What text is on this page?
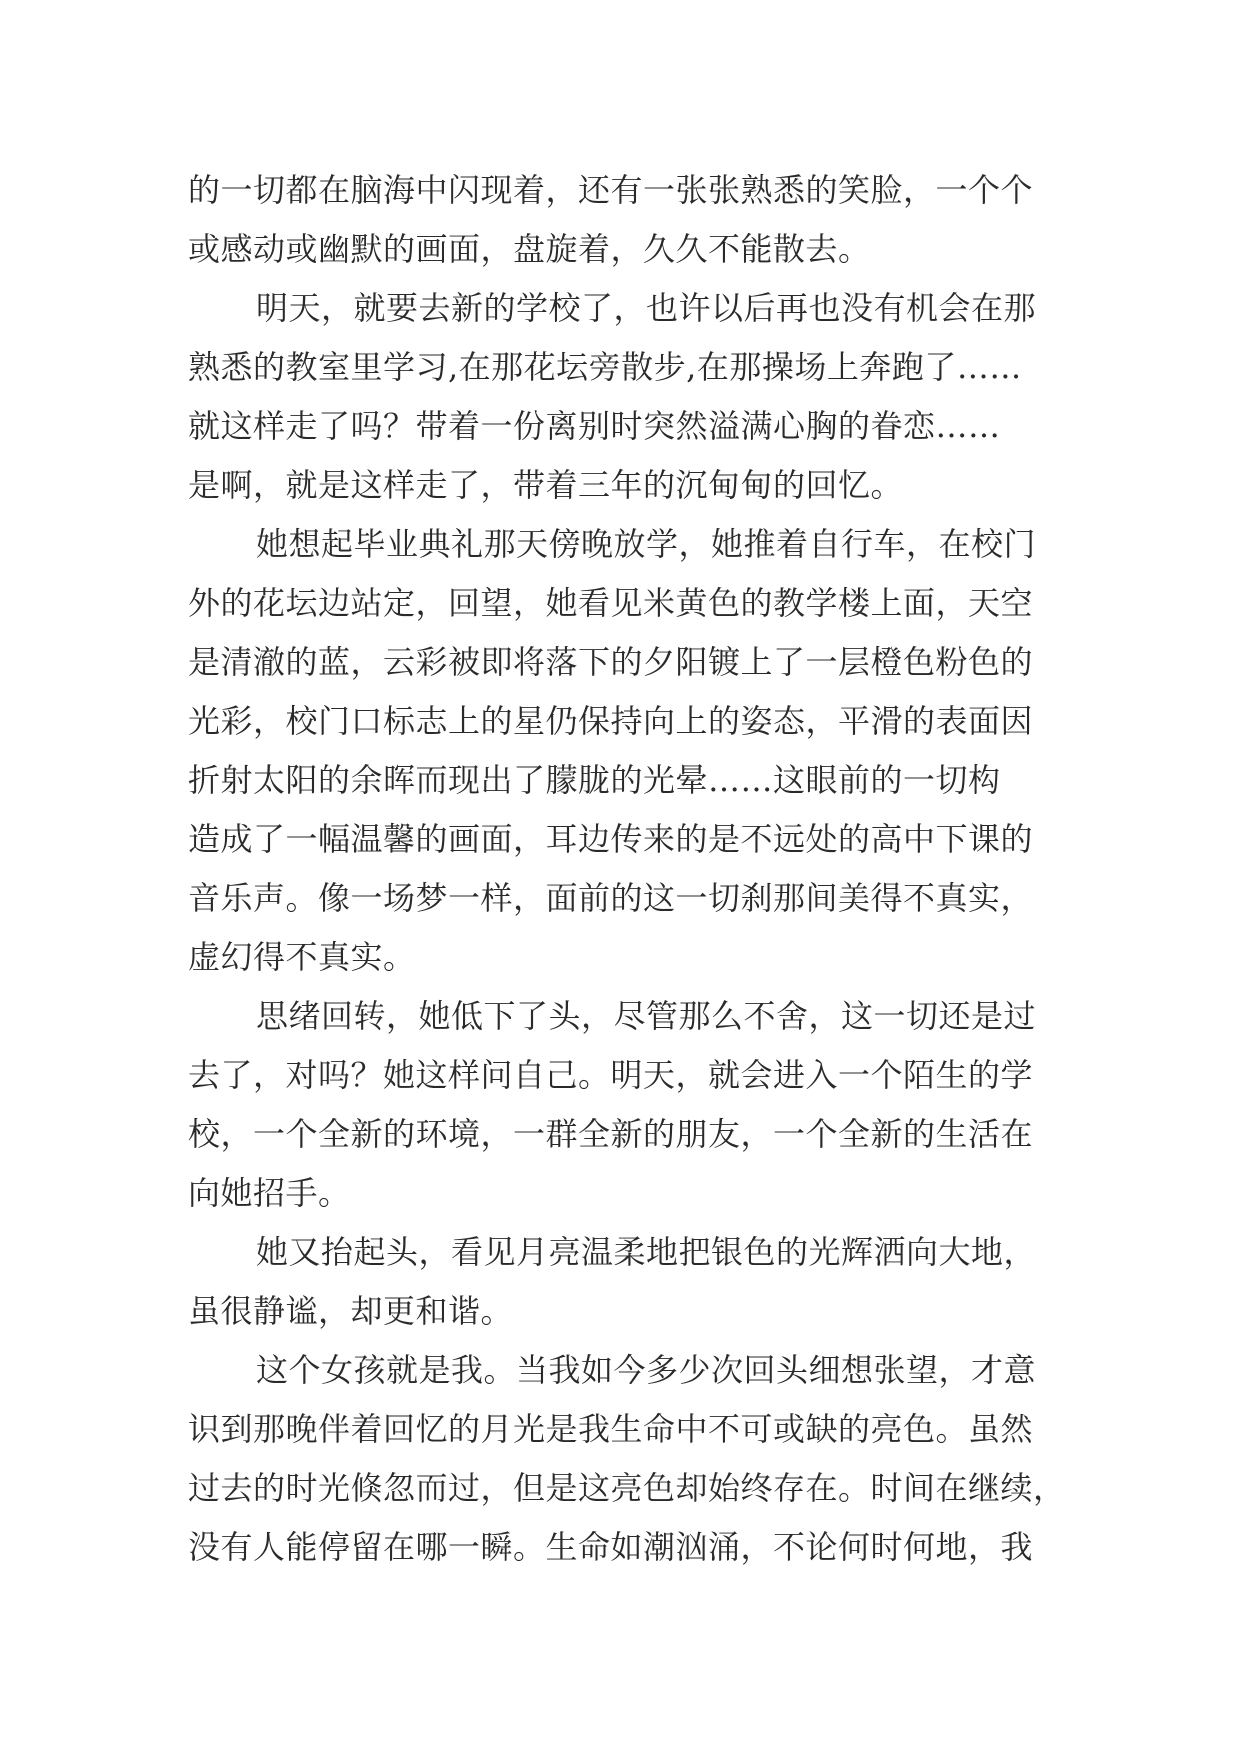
的一切都在脑海中闪现着，还有一张张熟悉的笑脸，一个个
或感动或幽默的画面，盘旋着，久久不能散去。
明天，就要去新的学校了，也许以后再也没有机会在那
熟悉的教室里学习,在那花坛旁散步,在那操场上奔跑了……
就这样走了吗？带着一份离别时突然溢满心胸的眷恋……
是啊，就是这样走了，带着三年的沉甸甸的回忆。
她想起毕业典礼那天傍晚放学，她推着自行车，在校门
外的花坛边站定，回望，她看见米黄色的教学楼上面，天空
是清澈的蓝，云彩被即将落下的夕阳镀上了一层橙色粉色的
光彩，校门口标志上的星仍保持向上的姿态，平滑的表面因
折射太阳的余晖而现出了朦胧的光晕……这眼前的一切构
造成了一幅温馨的画面，耳边传来的是不远处的高中下课的
音乐声。像一场梦一样，面前的这一切刹那间美得不真实，
虚幻得不真实。
思绪回转，她低下了头，尽管那么不舍，这一切还是过
去了，对吗？她这样问自己。明天，就会进入一个陌生的学
校，一个全新的环境，一群全新的朋友，一个全新的生活在
向她招手。
她又抬起头，看见月亮温柔地把银色的光辉洒向大地，
虽很静谧，却更和谐。
这个女孩就是我。当我如今多少次回头细想张望，才意
识到那晚伴着回忆的月光是我生命中不可或缺的亮色。虽然
过去的时光倏忽而过，但是这亮色却始终存在。时间在继续，
没有人能停留在哪一瞬。生命如潮汹涌，不论何时何地，我
